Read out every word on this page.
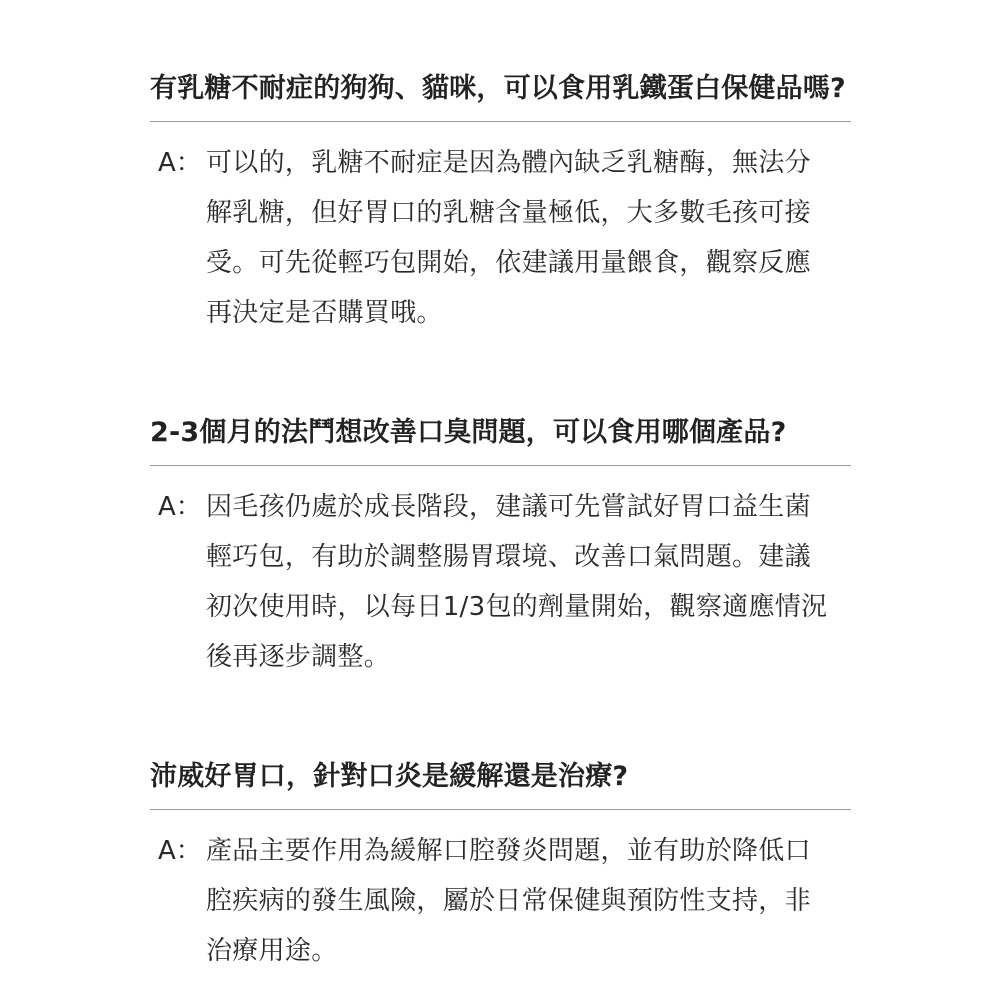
有乳糖不耐症的狗狗、貓咪，可以食用乳鐵蛋白保健品嗎?
A： 可以的，乳糖不耐症是因為體內缺乏乳糖酶，無法分
解乳糖，但好胃口的乳糖含量極低，大多數毛孩可接
受。可先從輕巧包開始，依建議用量餵食，觀察反應
再決定是否購買哦。
2-3個月的法鬥想改善口臭問題，可以食用哪個產品?
A： 因毛孩仍處於成長階段，建議可先嘗試好胃口益生菌
輕巧包，有助於調整腸胃環境、改善口氣問題。建議
初次使用時，以每日1/3包的劑量開始，觀察適應情況
後再逐步調整。
沛威好胃口，針對口炎是緩解還是治療?
A： 產品主要作用為緩解口腔發炎問題，並有助於降低口
腔疾病的發生風險，屬於日常保健與預防性支持，非
治療用途。
